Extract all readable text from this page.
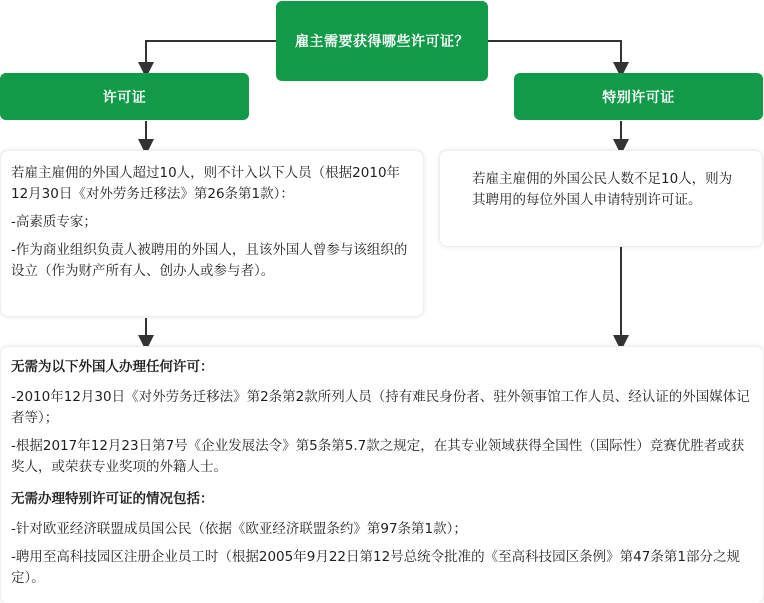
雇主需要获得哪些许可证？
许可证	特别许可证

若雇主雇佣的外国人超过10人，则不计入以下人员（根据2010年12月30日《对外劳务迁移法》第26条第1款）：

-高素质专家；

-作为商业组织负责人被聘用的外国人，且该外国人曾参与该组织的设立（作为财产所有人、创办人或参与者）。

若雇主雇佣的外国公民人数不足10人，则为其聘用的每位外国人申请特别许可证。

无需为以下外国人办理任何许可：

-2010年12月30日《对外劳务迁移法》第2条第2款所列人员（持有难民身份者、驻外领事馆工作人员、经认证的外国媒体记者等）；

-根据2017年12月23日第7号《企业发展法令》第5条第5.7款之规定，在其专业领域获得全国性（国际性）竞赛优胜者或获奖人，或荣获专业奖项的外籍人士。

无需办理特别许可证的情况包括：

-针对欧亚经济联盟成员国公民（依据《欧亚经济联盟条约》第97条第1款）；

-聘用至高科技园区注册企业员工时（根据2005年9月22日第12号总统令批准的《至高科技园区条例》第47条第1部分之规定）。
